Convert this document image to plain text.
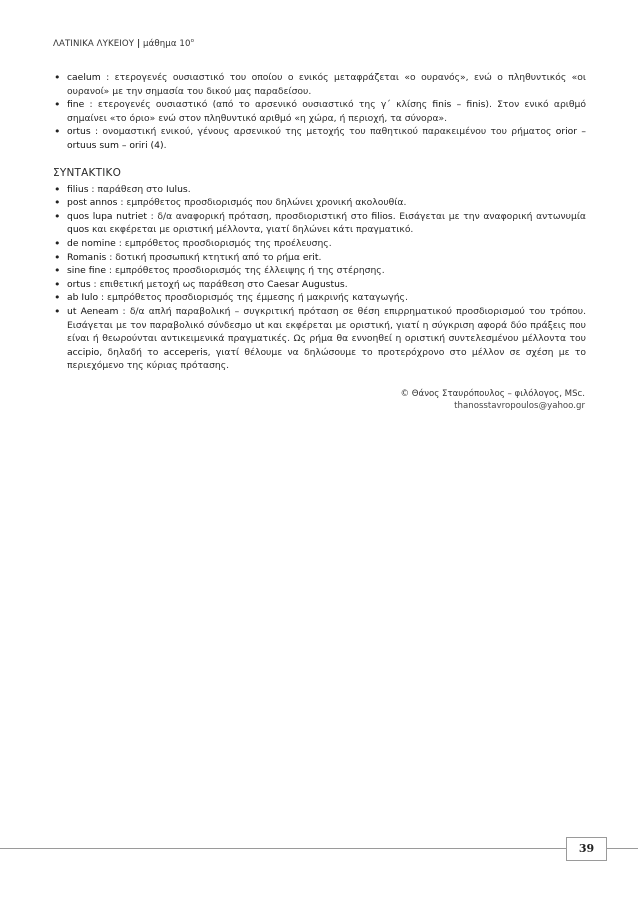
ΛΑΤΙΝΙΚΑ ΛΥΚΕΙΟΥ | μάθημα $10^o$
• caelum : ετερογενές ουσιαστικό του οποίου ο ενικός μεταφράζεται «ο ουρανός», ενώ ο πληθυντικός «οι ουρανοί» με την σημασία του δικού μας παραδείσου.
• fine : ετερογενές ουσιαστικό (από το αρσενικό ουσιαστικό της γ΄ κλίσης finis – finis). Στον ενικό αριθμό σημαίνει «το όριο» ενώ στον πληθυντικό αριθμό «η χώρα, ή περιοχή, τα σύνορα».
• ortus : ονομαστική ενικού, γένους αρσενικού της μετοχής του παθητικού παρακειμένου του ρήματος orior – ortuus sum – oriri (4).
ΣΥΝΤΑΚΤΙΚΟ
• filius : παράθεση στο Iulus.
• post annos : εμπρόθετος προσδιορισμός που δηλώνει χρονική ακολουθία.
• quos lupa nutriet : δ/α αναφορική πρόταση, προσδιοριστική στο filios. Εισάγεται με την αναφορική αντωνυμία quos και εκφέρεται με οριστική μέλλοντα, γιατί δηλώνει κάτι πραγματικό.
• de nomine : εμπρόθετος προσδιορισμός της προέλευσης.
• Romanis : δοτική προσωπική κτητική από το ρήμα erit.
• sine fine : εμπρόθετος προσδιορισμός της έλλειψης ή της στέρησης.
• ortus : επιθετική μετοχή ως παράθεση στο Caesar Augustus.
• ab Iulo : εμπρόθετος προσδιορισμός της έμμεσης ή μακρινής καταγωγής.
• ut Aeneam : δ/α απλή παραβολική – συγκριτική πρόταση σε θέση επιρρηματικού προσδιορισμού του τρόπου. Εισάγεται με τον παραβολικό σύνδεσμο ut και εκφέρεται με οριστική, γιατί η σύγκριση αφορά δύο πράξεις που είναι ή θεωρούνται αντικειμενικά πραγματικές. Ως ρήμα θα εννοηθεί η οριστική συντελεσμένου μέλλοντα του accipio, δηλαδή το acceperis, γιατί θέλουμε να δηλώσουμε το προτερόχρονο στο μέλλον σε σχέση με το περιεχόμενο της κύριας πρότασης.
© Θάνος Σταυρόπουλος – φιλόλογος, MSc.
thanosstavropoulos@yahoo.gr
39
